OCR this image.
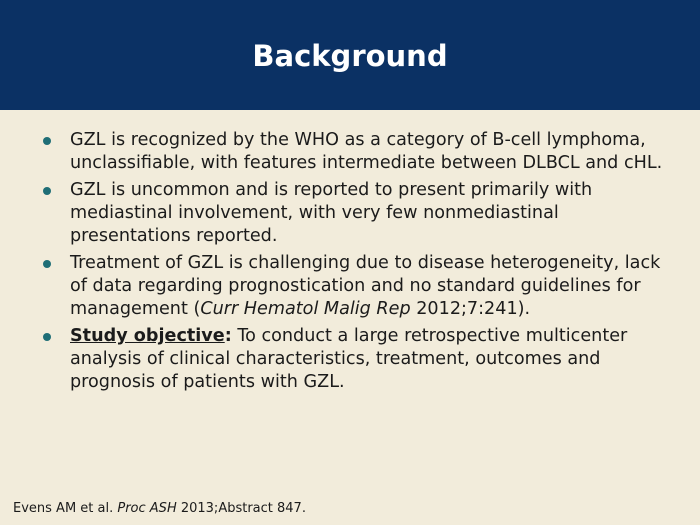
Background
GZL is recognized by the WHO as a category of B-cell lymphoma, unclassifiable, with features intermediate between DLBCL and cHL.
GZL is uncommon and is reported to present primarily with mediastinal involvement, with very few nonmediastinal presentations reported.
Treatment of GZL is challenging due to disease heterogeneity, lack of data regarding prognostication and no standard guidelines for management (Curr Hematol Malig Rep 2012;7:241).
Study objective: To conduct a large retrospective multicenter analysis of clinical characteristics, treatment, outcomes and prognosis of patients with GZL.

Evens AM et al. Proc ASH 2013;Abstract 847.
